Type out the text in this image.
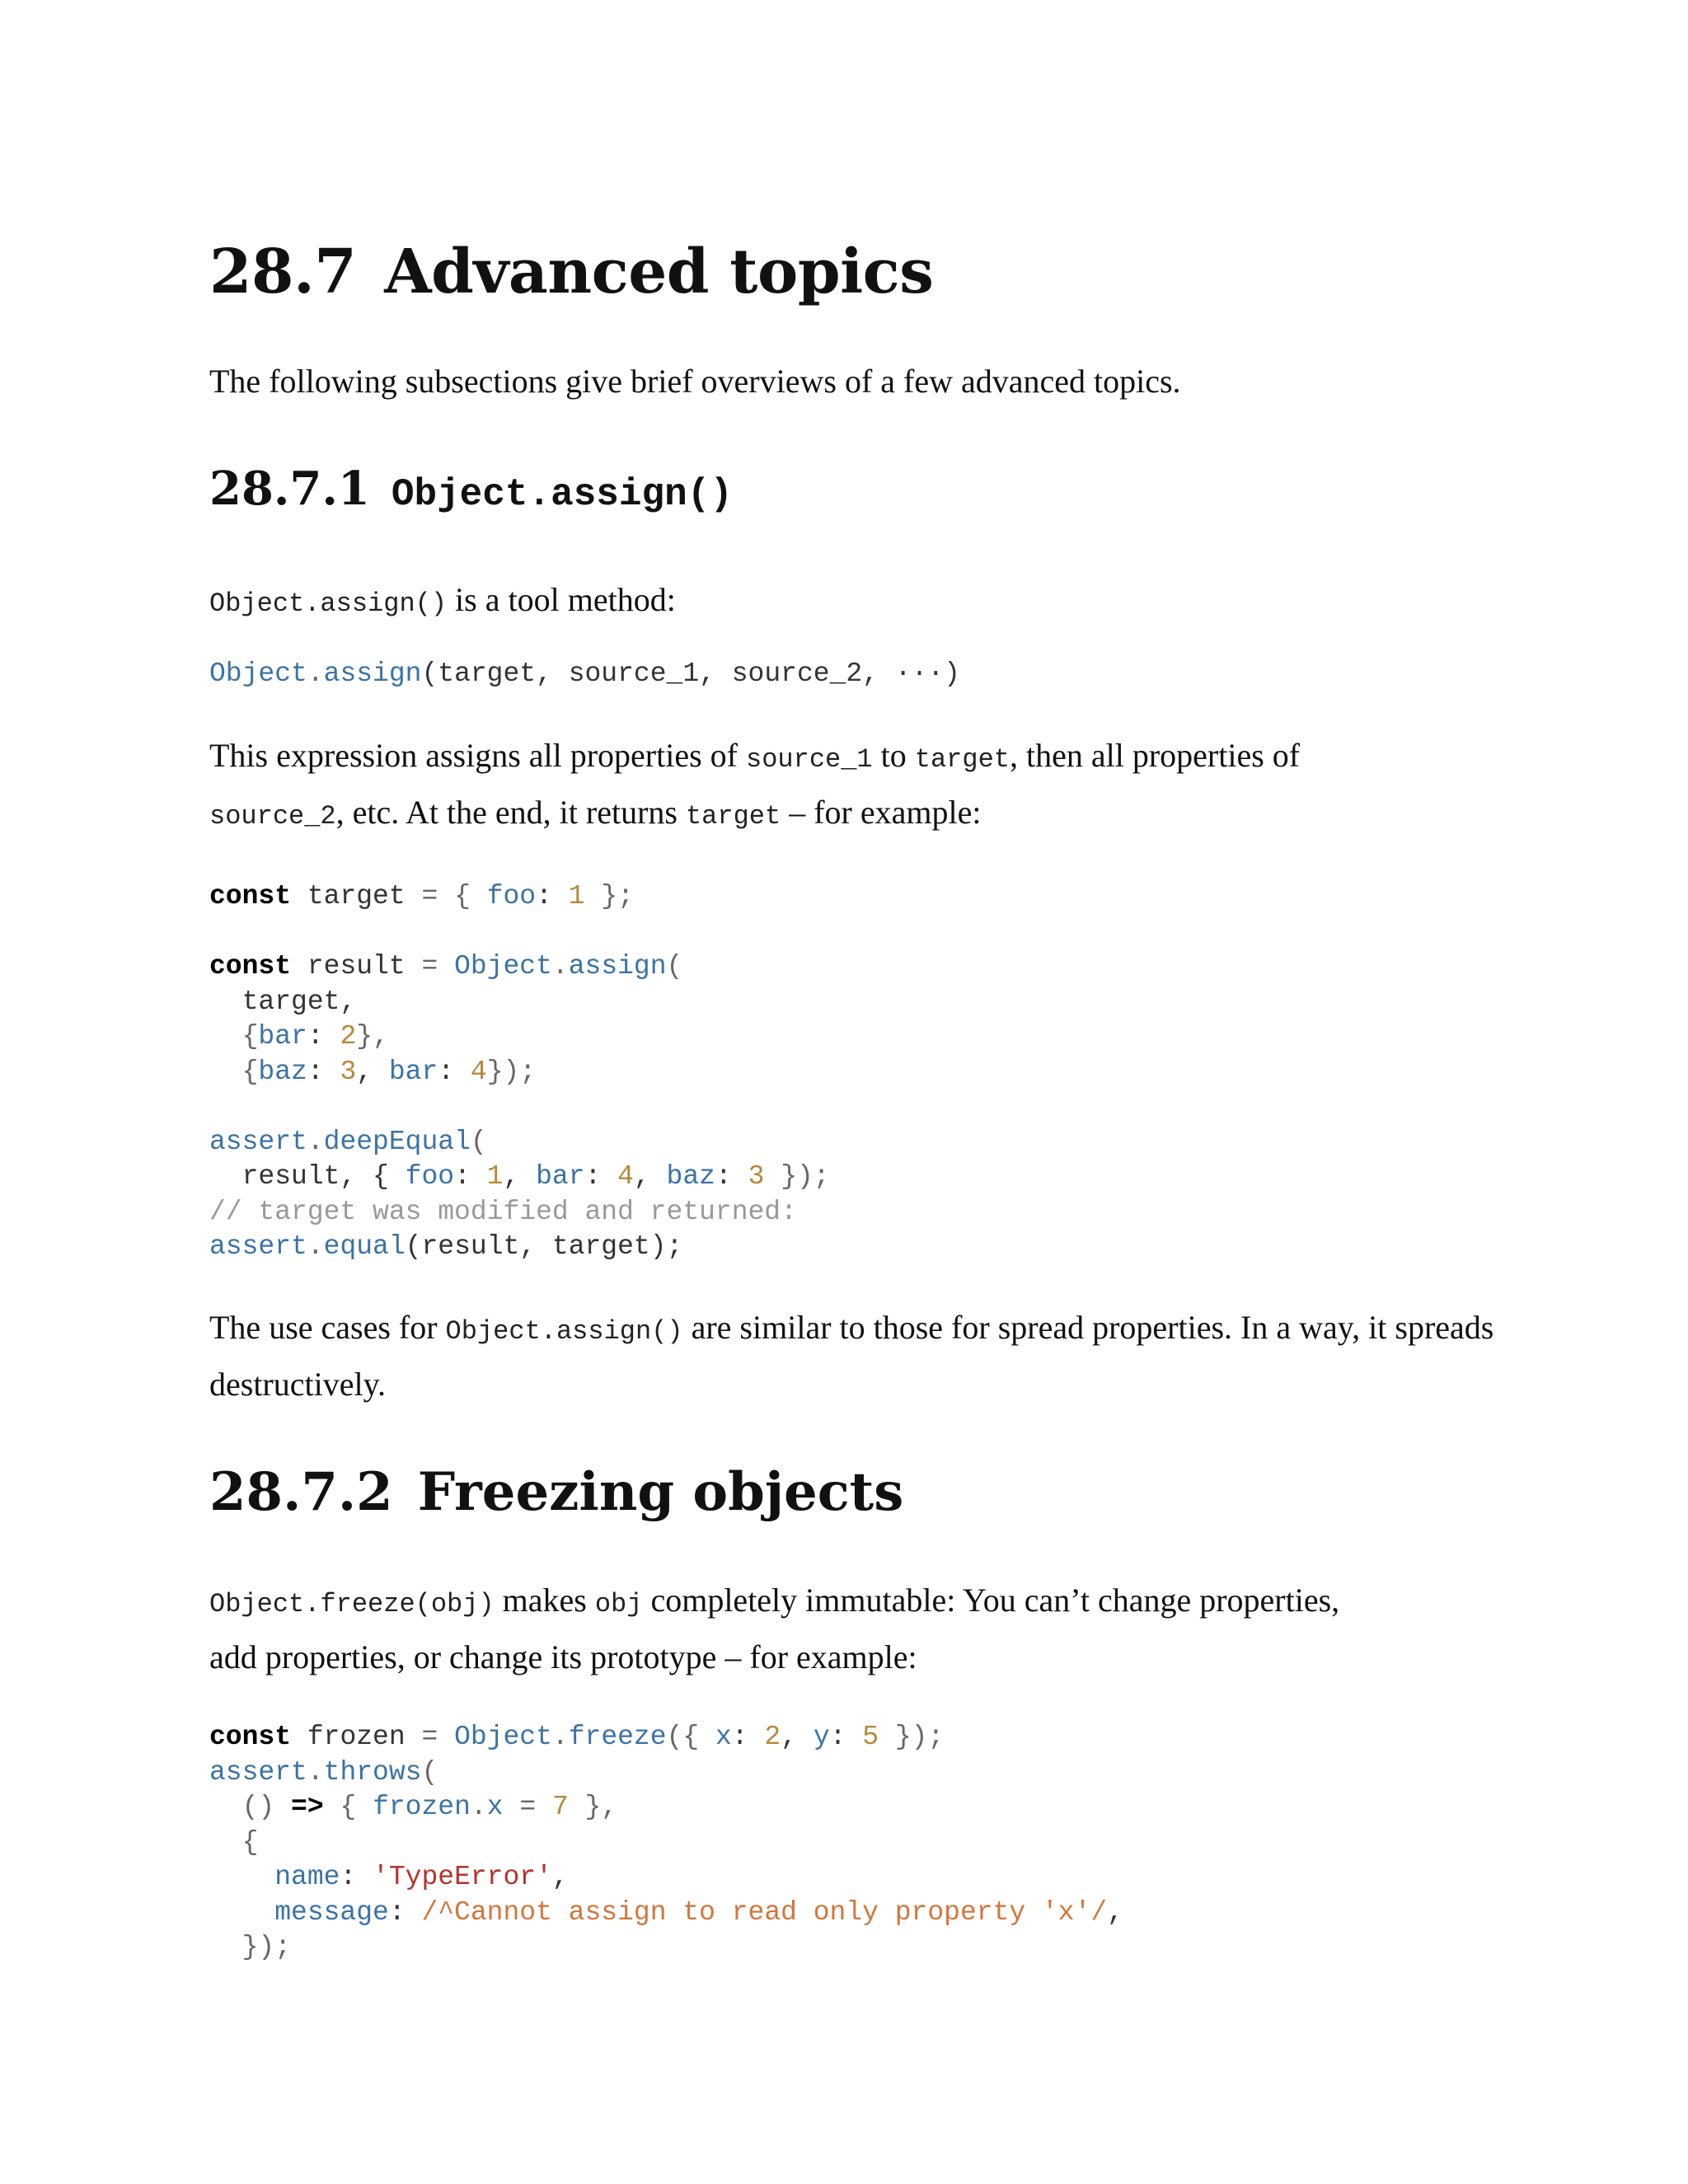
28.7 Advanced topics

The following subsections give brief overviews of a few advanced topics.

28.7.1 Object.assign()

Object.assign() is a tool method:

Object.assign(target, source_1, source_2, ···)

This expression assigns all properties of source_1 to target, then all properties of
source_2, etc. At the end, it returns target – for example:

const target = { foo: 1 };

const result = Object.assign(
target,
{bar: 2},
{baz: 3, bar: 4});

assert.deepEqual(
result, { foo: 1, bar: 4, baz: 3 });
// target was modified and returned:
assert.equal(result, target);

The use cases for Object.assign() are similar to those for spread properties. In a way, it spreads destructively.

28.7.2 Freezing objects

Object.freeze(obj) makes obj completely immutable: You can’t change properties, add properties, or change its prototype – for example:

const frozen = Object.freeze({ x: 2, y: 5 });
assert.throws(
() => { frozen.x = 7 },
{
name: 'TypeError',
message: /^Cannot assign to read only property 'x'/,
});
